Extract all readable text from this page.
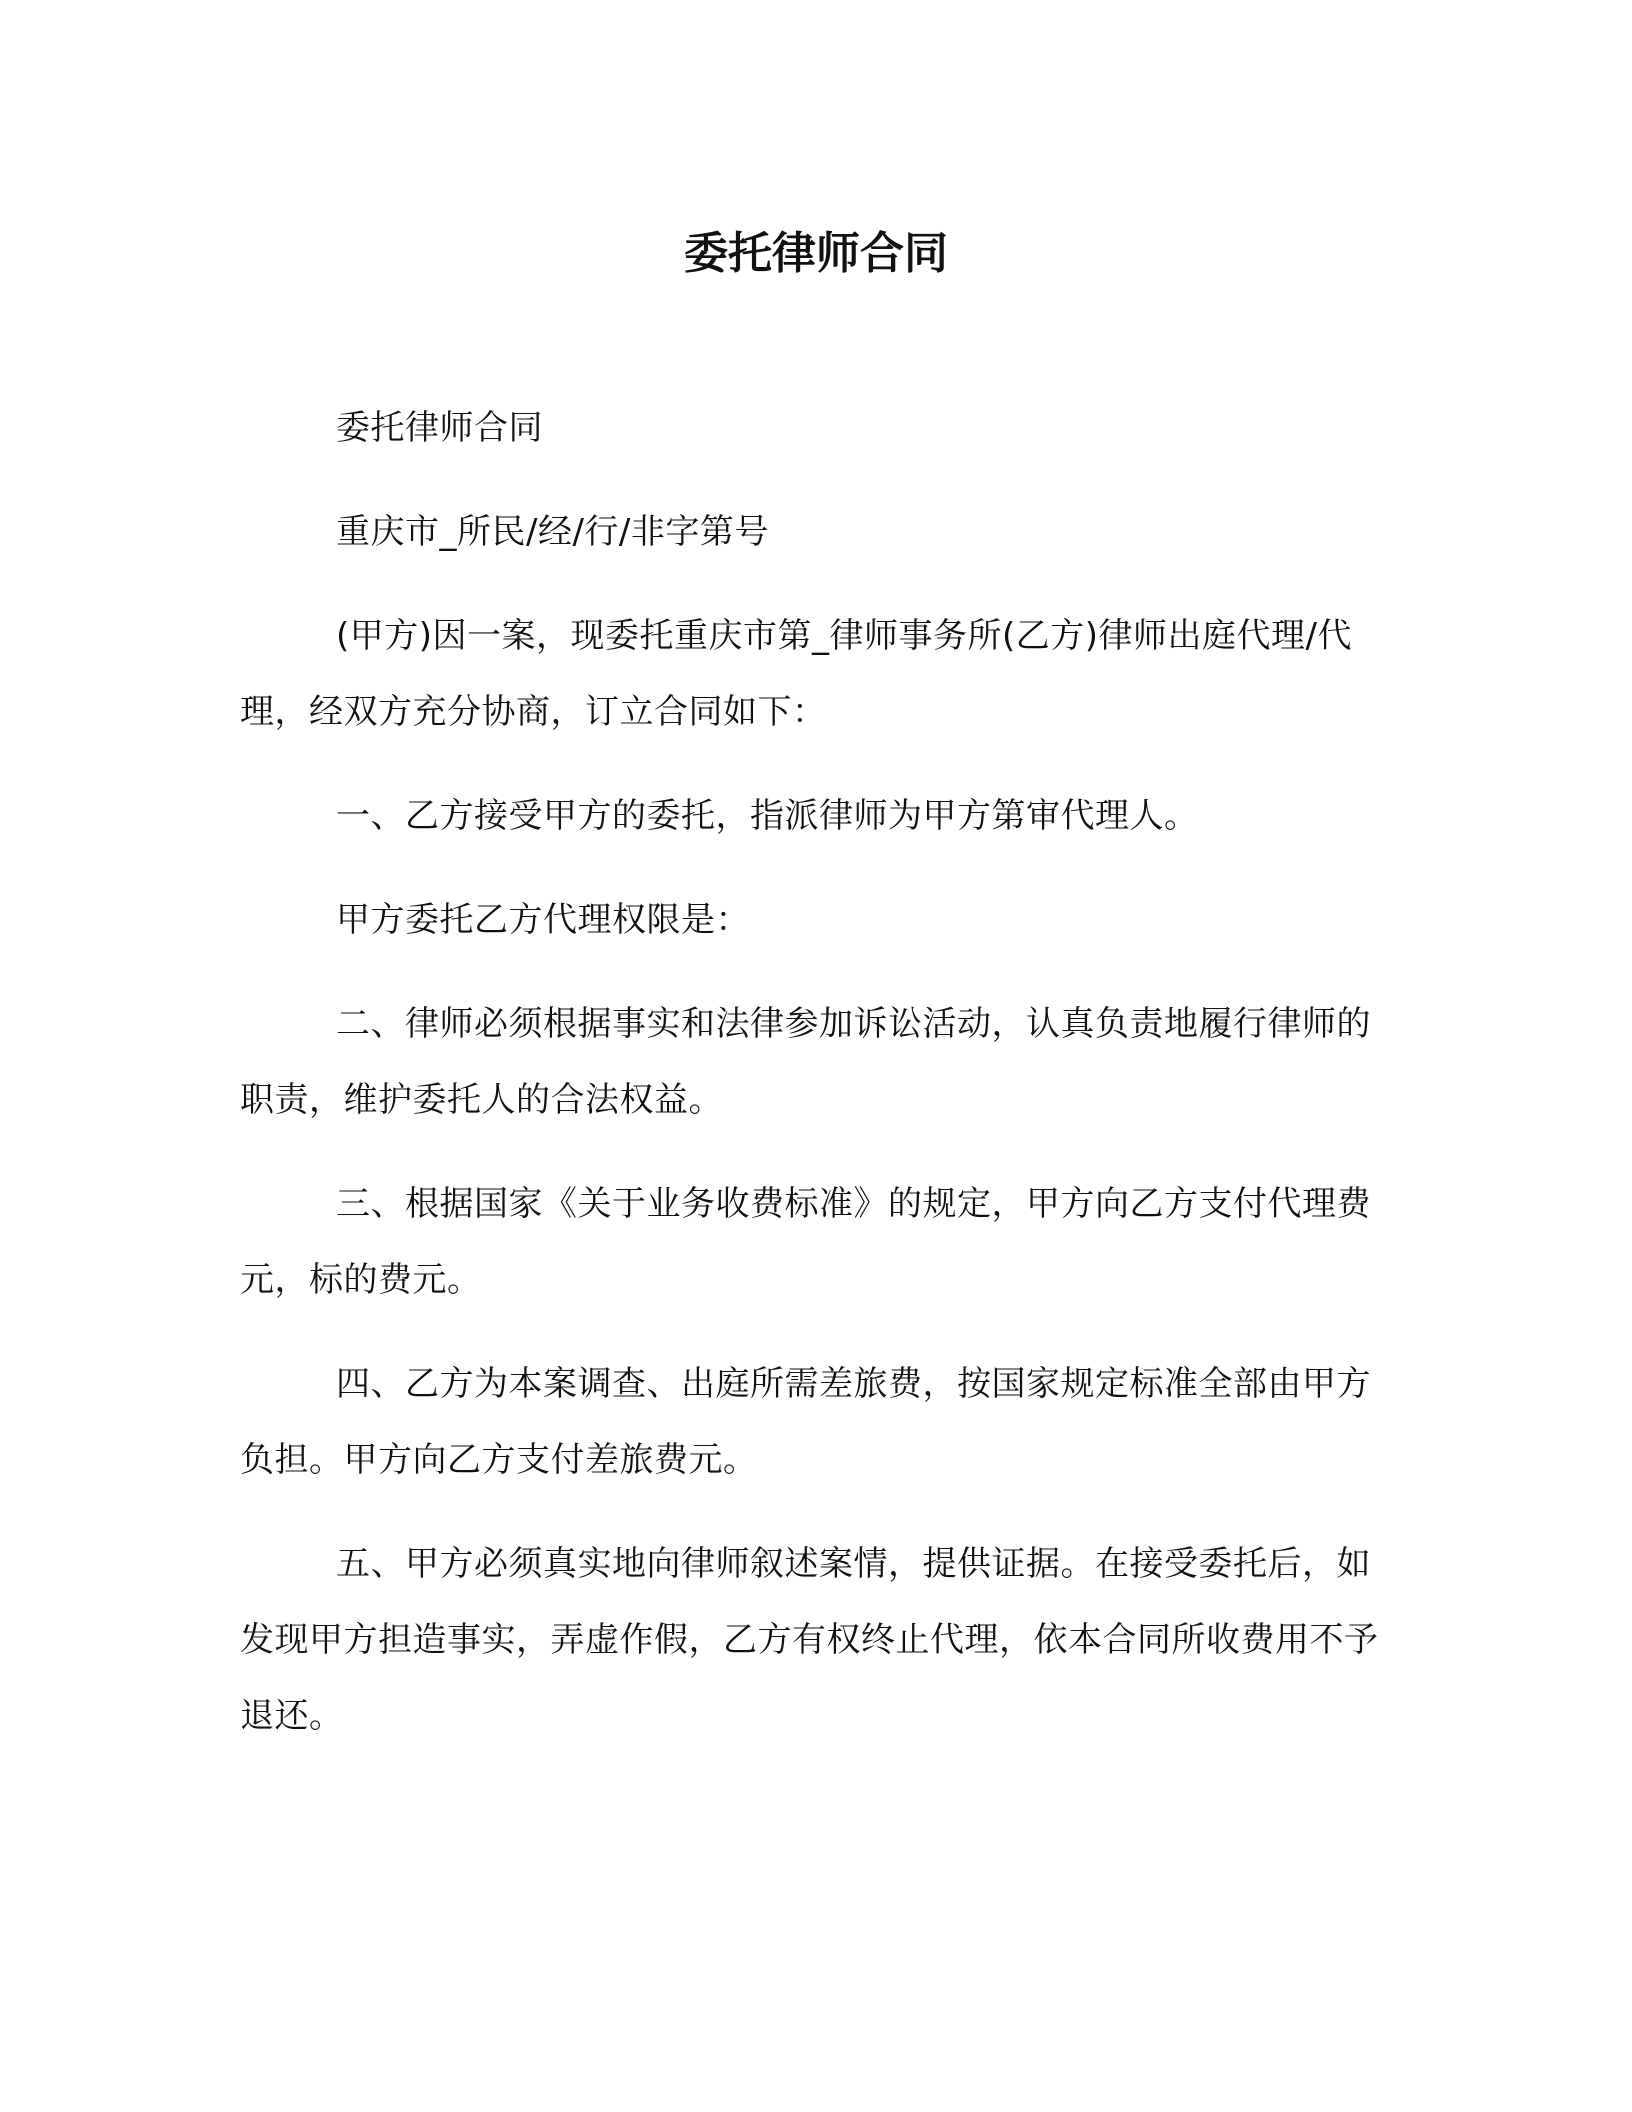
委托律师合同

委托律师合同

重庆市_所民/经/行/非字第号

(甲方)因一案，现委托重庆市第_律师事务所(乙方)律师出庭代理/代理，经双方充分协商，订立合同如下：

一、乙方接受甲方的委托，指派律师为甲方第审代理人。

甲方委托乙方代理权限是：

二、律师必须根据事实和法律参加诉讼活动，认真负责地履行律师的职责，维护委托人的合法权益。

三、根据国家《关于业务收费标准》的规定，甲方向乙方支付代理费元，标的费元。

四、乙方为本案调查、出庭所需差旅费，按国家规定标准全部由甲方负担。甲方向乙方支付差旅费元。

五、甲方必须真实地向律师叙述案情，提供证据。在接受委托后，如发现甲方担造事实，弄虚作假，乙方有权终止代理，依本合同所收费用不予退还。
